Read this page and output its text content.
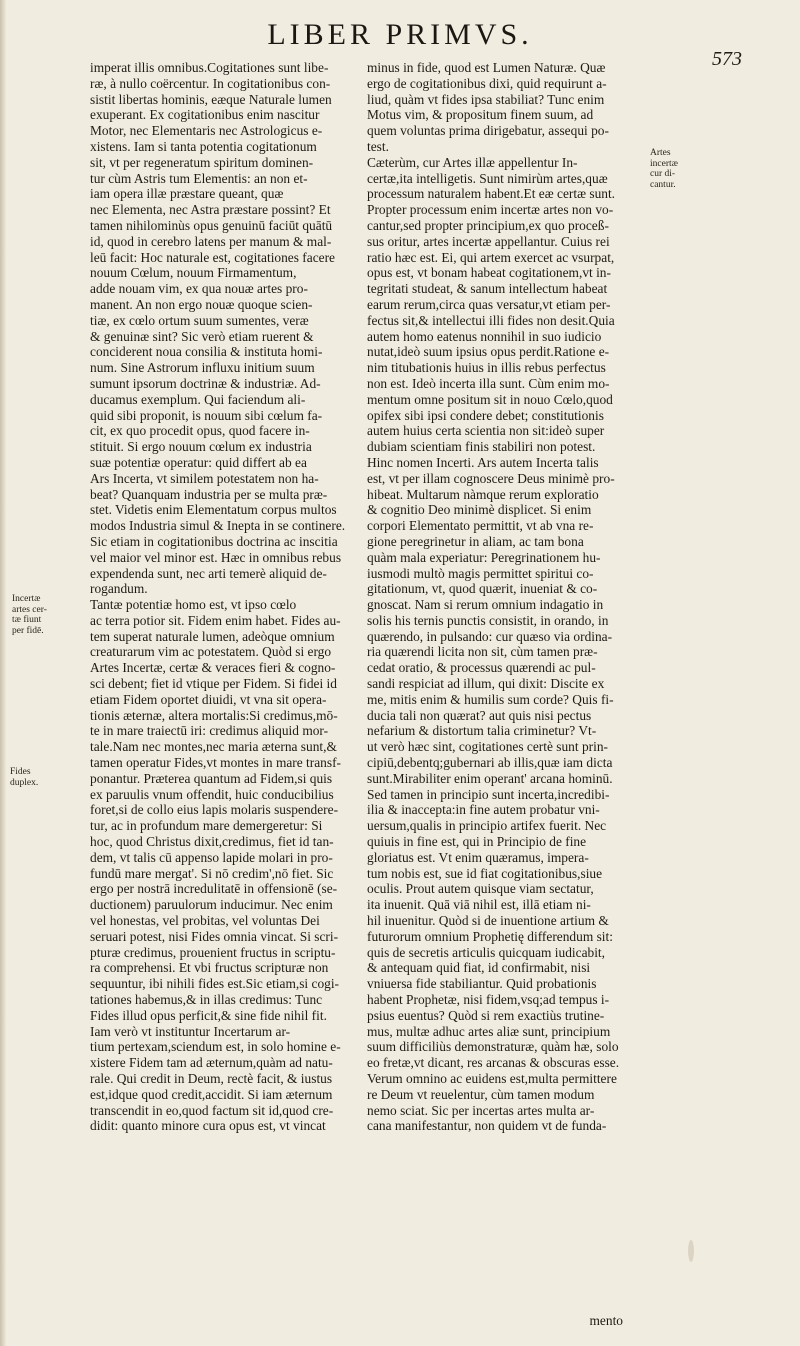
LIBER PRIMVS.
573
Incertæ
artes cer-
tæ fiunt
per fidē.
Fides
duplex.
Artes
incertæ
cur di-
cantur.
imperat illis omnibus.Cogitationes sunt libe-
ræ, à nullo coërcentur. In cogitationibus con-
sistit libertas hominis, eæque Naturale lumen
exuperant. Ex cogitationibus enim nascitur
Motor, nec Elementaris nec Astrologicus e-
xistens. Iam si tanta potentia cogitationum
sit, vt per regeneratum spiritum dominen-
tur cùm Astris tum Elementis: an non et-
iam opera illæ præstare queant, quæ
nec Elementa, nec Astra præstare possint? Et
tamen nihilominùs opus genuinū faciūt quātū
id, quod in cerebro latens per manum & mal-
leū facit: Hoc naturale est, cogitationes facere
nouum Cœlum, nouum Firmamentum,
adde nouam vim, ex qua nouæ artes pro-
manent. An non ergo nouæ quoque scien-
tiæ, ex cœlo ortum suum sumentes, veræ
& genuinæ sint? Sic verò etiam ruerent &
conciderent noua consilia & instituta homi-
num. Sine Astrorum influxu initium suum
sumunt ipsorum doctrinæ & industriæ. Ad-
ducamus exemplum. Qui faciendum ali-
quid sibi proponit, is nouum sibi cœlum fa-
cit, ex quo procedit opus, quod facere in-
stituit. Si ergo nouum cœlum ex industria
suæ potentiæ operatur: quid differt ab ea
Ars Incerta, vt similem potestatem non ha-
beat? Quanquam industria per se multa præ-
stet. Videtis enim Elementatum corpus multos
modos Industria simul & Inepta in se continere.
Sic etiam in cogitationibus doctrina ac inscitia
vel maior vel minor est. Hæc in omnibus rebus
expendenda sunt, nec arti temerè aliquid de-
rogandum.
Tantæ potentiæ homo est, vt ipso cœlo
ac terra potior sit. Fidem enim habet. Fides au-
tem superat naturale lumen, adeòque omnium
creaturarum vim ac potestatem. Quòd si ergo
Artes Incertæ, certæ & veraces fieri & cogno-
sci debent; fiet id vtique per Fidem. Si fidei id
etiam Fidem oportet diuidi, vt vna sit opera-
tionis æternæ, altera mortalis:Si credimus,mō-
te in mare traiectū iri: credimus aliquid mor-
tale.Nam nec montes,nec maria æterna sunt,&
tamen operatur Fides,vt montes in mare transf-
ponantur. Præterea quantum ad Fidem,si quis
ex paruulis vnum offendit, huic conducibilius
foret,si de collo eius lapis molaris suspendere-
tur, ac in profundum mare demergeretur: Si
hoc, quod Christus dixit,credimus, fiet id tan-
dem, vt talis cū appenso lapide molari in pro-
fundū mare mergat'. Si nō credim',nō fiet. Sic
ergo per nostrā incredulitatē in offensionē (se-
ductionem) paruulorum inducimur. Nec enim
vel honestas, vel probitas, vel voluntas Dei
seruari potest, nisi Fides omnia vincat. Si scri-
pturæ credimus, prouenient fructus in scriptu-
ra comprehensi. Et vbi fructus scripturæ non
sequuntur, ibi nihili fides est.Sic etiam,si cogi-
tationes habemus,& in illas credimus: Tunc
Fides illud opus perficit,& sine fide nihil fit.
Iam verò vt instituntur Incertarum ar-
tium pertexam,sciendum est, in solo homine e-
xistere Fidem tam ad æternum,quàm ad natu-
rale. Qui credit in Deum, rectè facit, & iustus
est,idque quod credit,accidit. Si iam æternum
transcendit in eo,quod factum sit id,quod cre-
didit: quanto minore cura opus est, vt vincat
minus in fide, quod est Lumen Naturæ. Quæ
ergo de cogitationibus dixi, quid requirunt a-
liud, quàm vt fides ipsa stabiliat? Tunc enim
Motus vim, & propositum finem suum, ad
quem voluntas prima dirigebatur, assequi po-
test.
Cæterùm, cur Artes illæ appellentur In-
certæ,ita intelligetis. Sunt nimirùm artes,quæ
processum naturalem habent.Et eæ certæ sunt.
Propter processum enim incertæ artes non vo-
cantur,sed propter principium,ex quo proceß-
sus oritur, artes incertæ appellantur. Cuius rei
ratio hæc est. Ei, qui artem exercet ac vsurpat,
opus est, vt bonam habeat cogitationem,vt in-
tegritati studeat, & sanum intellectum habeat
earum rerum,circa quas versatur,vt etiam per-
fectus sit,& intellectui illi fides non desit.Quia
autem homo eatenus nonnihil in suo iudicio
nutat,ideò suum ipsius opus perdit.Ratione e-
nim titubationis huius in illis rebus perfectus
non est. Ideò incerta illa sunt. Cùm enim mo-
mentum omne positum sit in nouo Cœlo,quod
opifex sibi ipsi condere debet; constitutionis
autem huius certa scientia non sit:ideò super
dubiam scientiam finis stabiliri non potest.
Hinc nomen Incerti. Ars autem Incerta talis
est, vt per illam cognoscere Deus minimè pro-
hibeat. Multarum nàmque rerum exploratio
& cognitio Deo minimè displicet. Si enim
corpori Elementato permittit, vt ab vna re-
gione peregrinetur in aliam, ac tam bona
quàm mala experiatur: Peregrinationem hu-
iusmodi multò magis permittet spiritui co-
gitationum, vt, quod quærit, inueniat & co-
gnoscat. Nam si rerum omnium indagatio in
solis his ternis punctis consistit, in orando, in
quærendo, in pulsando: cur quæso via ordina-
ria quærendi licita non sit, cùm tamen præ-
cedat oratio, & processus quærendi ac pul-
sandi respiciat ad illum, qui dixit: Discite ex
me, mitis enim & humilis sum corde? Quis fi-
ducia tali non quærat? aut quis nisi pectus
nefarium & distortum talia criminetur? Vt-
ut verò hæc sint, cogitationes certè sunt prin-
cipiū,debentq;gubernari ab illis,quæ iam dicta
sunt.Mirabiliter enim operant' arcana hominū.
Sed tamen in principio sunt incerta,incredibi-
ilia & inaccepta:in fine autem probatur vni-
uersum,qualis in principio artifex fuerit. Nec
quiuis in fine est, qui in Principio de fine
gloriatus est. Vt enim quæramus, impera-
tum nobis est, sue id fiat cogitationibus,siue
oculis. Prout autem quisque viam sectatur,
ita inuenit. Quā viā nihil est, illā etiam ni-
hil inuenitur. Quòd si de inuentione artium &
futurorum omnium Prophetię differendum sit:
quis de secretis articulis quicquam iudicabit,
& antequam quid fiat, id confirmabit, nisi
vniuersa fide stabiliantur. Quid probationis
habent Prophetæ, nisi fidem,vsq;ad tempus i-
psius euentus? Quòd si rem exactiùs trutine-
mus, multæ adhuc artes aliæ sunt, principium
suum difficiliùs demonstraturæ, quàm hæ, solo
eo fretæ,vt dicant, res arcanas & obscuras esse.
Verum omnino ac euidens est,multa permittere
re Deum vt reuelentur, cùm tamen modum
nemo sciat. Sic per incertas artes multa ar-
cana manifestantur, non quidem vt de funda-
mento
